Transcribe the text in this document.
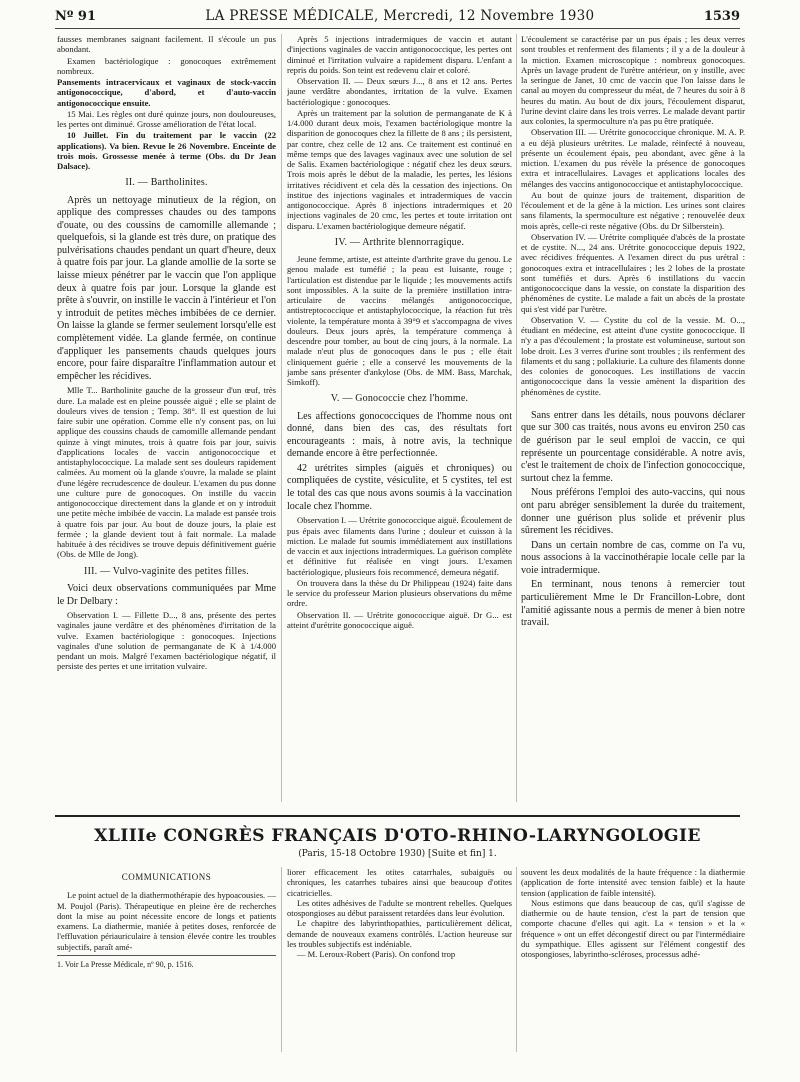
Nº 91	LA PRESSE MÉDICALE, Mercredi, 12 Novembre 1930	1539

fausses membranes saignant facilement. Il s'écoule un pus abondant.

Examen bactériologique : gonocoques extrêmement nombreux.

Pansements intracervicaux et vaginaux de stock-vaccin antigonococcique, d'abord, et d'auto-vaccin antigonococcique ensuite.

15 Mai. Les règles ont duré quinze jours, non douloureuses, les pertes ont diminué. Grosse amélioration de l'état local.

10 Juillet. Fin du traitement par le vaccin (22 applications). Va bien. Revue le 26 Novembre. Enceinte de trois mois. Grossesse menée à terme (Obs. du Dr Jean Dalsace).

II. — Bartholinites.

Après un nettoyage minutieux de la région, on applique des compresses chaudes ou des tampons d'ouate, ou des coussins de camomille allemande ; quelquefois, si la glande est très dure, on pratique des pulvérisations chaudes pendant un quart d'heure, deux à quatre fois par jour. La glande amollie de la sorte se laisse mieux pénétrer par le vaccin que l'on applique deux à quatre fois par jour. Lorsque la glande est prête à s'ouvrir, on instille le vaccin à l'intérieur et l'on y introduit de petites mèches imbibées de ce dernier. On laisse la glande se fermer seulement lorsqu'elle est complètement vidée. La glande fermée, on continue d'appliquer les pansements chauds quelques jours encore, pour faire disparaître l'inflammation autour et empêcher les récidives.

Mlle T... Bartholinite gauche de la grosseur d'un œuf, très dure. La malade est en pleine poussée aiguë ; elle se plaint de douleurs vives de tension ; Temp. 38°. Il est question de lui faire subir une opération. Comme elle n'y consent pas, on lui applique des coussins chauds de camomille allemande pendant quinze à vingt minutes, trois à quatre fois par jour, suivis d'applications locales de vaccin antigonococcique et antistaphylococcique. La malade sent ses douleurs rapidement calmées. Au moment où la glande s'ouvre, la malade se plaint d'une légère recrudescence de douleur. L'examen du pus donne une culture pure de gonocoques. On instille du vaccin antigonococcique directement dans la glande et on y introduit une petite mèche imbibée de vaccin. La malade est pansée trois à quatre fois par jour. Au bout de douze jours, la plaie est fermée ; la glande devient tout à fait normale. La malade habituée à des récidives se trouve depuis définitivement guérie (Obs. de Mlle de Jong).

III. — Vulvo-vaginite des petites filles.

Voici deux observations communiquées par Mme le Dr Delbary :

Observation I. — Fillette D..., 8 ans, présente des pertes vaginales jaune verdâtre et des phénomènes d'irritation de la vulve. Examen bactériologique : gonocoques. Injections vaginales d'une solution de permanganate de K à 1/4.000 pendant un mois. Malgré l'examen bactériologique négatif, il persiste des pertes et une irritation vulvaire.

Après 5 injections intradermiques de vaccin et autant d'injections vaginales de vaccin antigonococcique, les pertes ont diminué et l'irritation vulvaire a rapidement disparu. L'enfant a repris du poids. Son teint est redevenu clair et coloré.

Observation II. — Deux sœurs J..., 8 ans et 12 ans. Pertes jaune verdâtre abondantes, irritation de la vulve. Examen bactériologique : gonocoques.

Après un traitement par la solution de permanganate de K à 1/4.000 durant deux mois, l'examen bactériologique montre la disparition de gonocoques chez la fillette de 8 ans ; ils persistent, par contre, chez celle de 12 ans. Ce traitement est continué en même temps que des lavages vaginaux avec une solution de sel de Salis. Examen bactériologique : négatif chez les deux sœurs. Trois mois après le début de la maladie, les pertes, les lésions irritatives récidivent et cela dès la cessation des injections. On institue des injections vaginales et intradermiques de vaccin antigonococcique. Après 8 injections intradermiques et 20 injections vaginales de 20 cmc, les pertes et toute irritation ont disparu. L'examen bactériologique demeure négatif.

IV. — Arthrite blennorragique.

Jeune femme, artiste, est atteinte d'arthrite grave du genou. Le genou malade est tuméfié ; la peau est luisante, rouge ; l'articulation est distendue par le liquide ; les mouvements actifs sont impossibles. A la suite de la première instillation intra-articulaire de vaccins mélangés antigonococcique, antistreptococcique et antistaphylococcique, la réaction fut très violente, la température monta à 39°9 et s'accompagna de vives douleurs. Deux jours après, la température commença à descendre pour tomber, au bout de cinq jours, à la normale. La malade n'eut plus de gonocoques dans le pus ; elle était cliniquement guérie ; elle a conservé les mouvements de la jambe sans présenter d'ankylose (Obs. de MM. Bass, Marchak, Simkoff).

V. — Gonococcie chez l'homme.

Les affections gonococciques de l'homme nous ont donné, dans bien des cas, des résultats fort encourageants : mais, à notre avis, la technique demande encore à être perfectionnée.

42 urétrites simples (aiguës et chroniques) ou compliquées de cystite, vésiculite, et 5 cystites, tel est le total des cas que nous avons soumis à la vaccination locale chez l'homme.

Observation I. — Urétrite gonococcique aiguë. Écoulement de pus épais avec filaments dans l'urine ; douleur et cuisson à la miction. Le malade fut soumis immédiatement aux instillations de vaccin et aux injections intradermiques. La guérison complète et définitive fut réalisée en vingt jours. L'examen bactériologique, plusieurs fois recommencé, demeura négatif.

On trouvera dans la thèse du Dr Philippeau (1924) faite dans le service du professeur Marion plusieurs observations du même ordre.

Observation II. — Urétrite gonococcique aiguë. Dr G... est atteint d'urétrite gonococcique aiguë.

L'écoulement se caractérise par un pus épais ; les deux verres sont troubles et renferment des filaments ; il y a de la douleur à la miction. Examen microscopique : nombreux gonocoques. Après un lavage prudent de l'urètre antérieur, on y instille, avec la seringue de Janet, 10 cmc de vaccin que l'on laisse dans le canal au moyen du compresseur du méat, de 7 heures du soir à 8 heures du matin. Au bout de dix jours, l'écoulement disparut, l'urine devint claire dans les trois verres. Le malade devant partir aux colonies, la spermoculture n'a pas pu être pratiquée.

Observation III. — Urétrite gonococcique chronique. M. A. P. a eu déjà plusieurs urétrites. Le malade, réinfecté à nouveau, présente un écoulement épais, peu abondant, avec gêne à la miction. L'examen du pus révèle la présence de gonocoques extra et intracellulaires. Lavages et applications locales des mélanges des vaccins antigonococcique et antistaphylococcique.

Au bout de quinze jours de traitement, disparition de l'écoulement et de la gêne à la miction. Les urines sont claires sans filaments, la spermoculture est négative ; renouvelée deux mois après, celle-ci reste négative (Obs. du Dr Silberstein).

Observation IV. — Urétrite compliquée d'abcès de la prostate et de cystite. N..., 24 ans. Urétrite gonococcique depuis 1922, avec récidives fréquentes. A l'examen direct du pus urétral : gonocoques extra et intracellulaires ; les 2 lobes de la prostate sont tuméfiés et durs. Après 6 instillations du vaccin antigonococcique dans la vessie, on constate la disparition des phénomènes de cystite. Le malade a fait un abcès de la prostate qui s'est vidé par l'urètre.

Observation V. — Cystite du col de la vessie. M. O..., étudiant en médecine, est atteint d'une cystite gonococcique. Il n'y a pas d'écoulement ; la prostate est volumineuse, surtout son lobe droit. Les 3 verres d'urine sont troubles ; ils renferment des filaments et du sang ; pollakiurie. La culture des filaments donne des colonies de gonocoques. Les instillations de vaccin antigonococcique dans la vessie amènent la disparition des phénomènes de cystite.

Sans entrer dans les détails, nous pouvons déclarer que sur 300 cas traités, nous avons eu environ 250 cas de guérison par le seul emploi de vaccin, ce qui représente un pourcentage considérable. A notre avis, c'est le traitement de choix de l'infection gonococcique, surtout chez la femme.

Nous préférons l'emploi des auto-vaccins, qui nous ont paru abréger sensiblement la durée du traitement, donner une guérison plus solide et prévenir plus sûrement les récidives.

Dans un certain nombre de cas, comme on l'a vu, nous associons à la vaccinothérapie locale celle par la voie intradermique.

En terminant, nous tenons à remercier tout particulièrement Mme le Dr Francillon-Lobre, dont l'amitié agissante nous a permis de mener à bien notre travail.

XLIIIe CONGRÈS FRANÇAIS D'OTO-RHINO-LARYNGOLOGIE
(Paris, 15-18 Octobre 1930) [Suite et fin] 1.
COMMUNICATIONS

Le point actuel de la diathermothérapie des hypoacousies. — M. Poujol (Paris). Thérapeutique en pleine ère de recherches dont la mise au point nécessite encore de longs et patients examens. La diathermie, maniée à petites doses, renforcée de l'effluvation périauriculaire à tension élevée contre les troubles subjectifs, paraît amé-

1. Voir La Presse Médicale, nº 90, p. 1516.

liorer efficacement les otites catarrhales, subaiguës ou chroniques, les catarrhes tubaires ainsi que beaucoup d'otites cicatricielles.

Les otites adhésives de l'adulte se montrent rebelles. Quelques otospongioses au début paraissent retardées dans leur évolution.

Le chapitre des labyrinthopathies, particulièrement délicat, demande de nouveaux examens contrôlés. L'action heureuse sur les troubles subjectifs est indéniable.

— M. Leroux-Robert (Paris). On confond trop

souvent les deux modalités de la haute fréquence : la diathermie (application de forte intensité avec tension faible) et la haute tension (application de faible intensité).

Nous estimons que dans beaucoup de cas, qu'il s'agisse de diathermie ou de haute tension, c'est la part de tension que comporte chacune d'elles qui agit. La « tension » et la « fréquence » ont un effet décongestif direct ou par l'intermédiaire du sympathique. Elles agissent sur l'élément congestif des otospongioses, labyrintho-scléroses, processus adhé-
